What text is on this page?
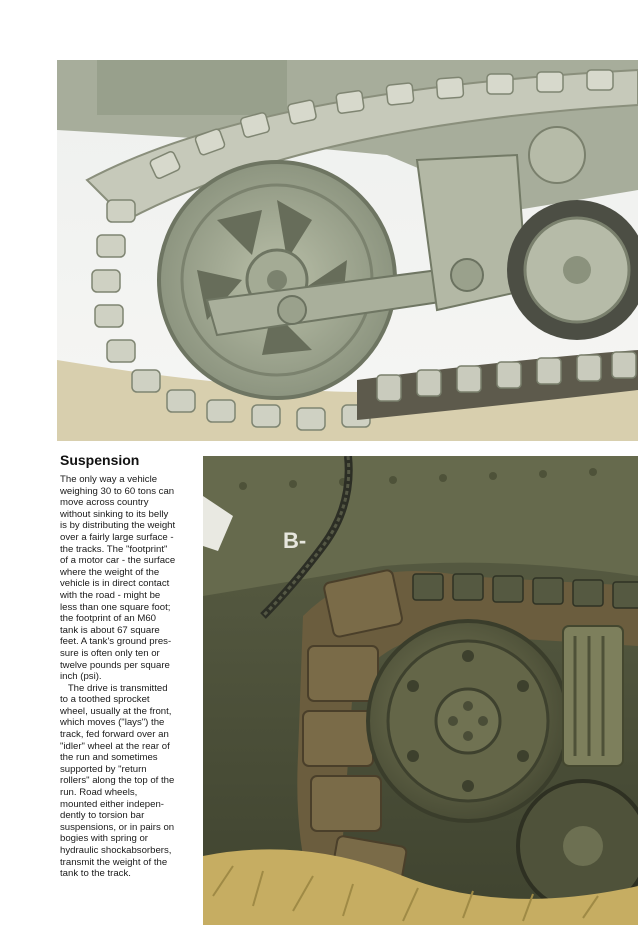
Suspension
The only way a vehicle
weighing 30 to 60 tons can
move across country
without sinking to its belly
is by distributing the weight
over a fairly large surface -
the tracks. The "footprint"
of a motor car - the surface
where the weight of the
vehicle is in direct contact
with the road - might be
less than one square foot;
the footprint of an M60
tank is about 67 square
feet. A tank's ground pres-
sure is often only ten or
twelve pounds per square
inch (psi).
The drive is transmitted
to a toothed sprocket
wheel, usually at the front,
which moves ("lays") the
track, fed forward over an
"idler" wheel at the rear of
the run and sometimes
supported by "return
rollers" along the top of the
run. Road wheels,
mounted either indepen-
dently to torsion bar
suspensions, or in pairs on
bogies with spring or
hydraulic shockabsorbers,
transmit the weight of the
tank to the track.
B-
